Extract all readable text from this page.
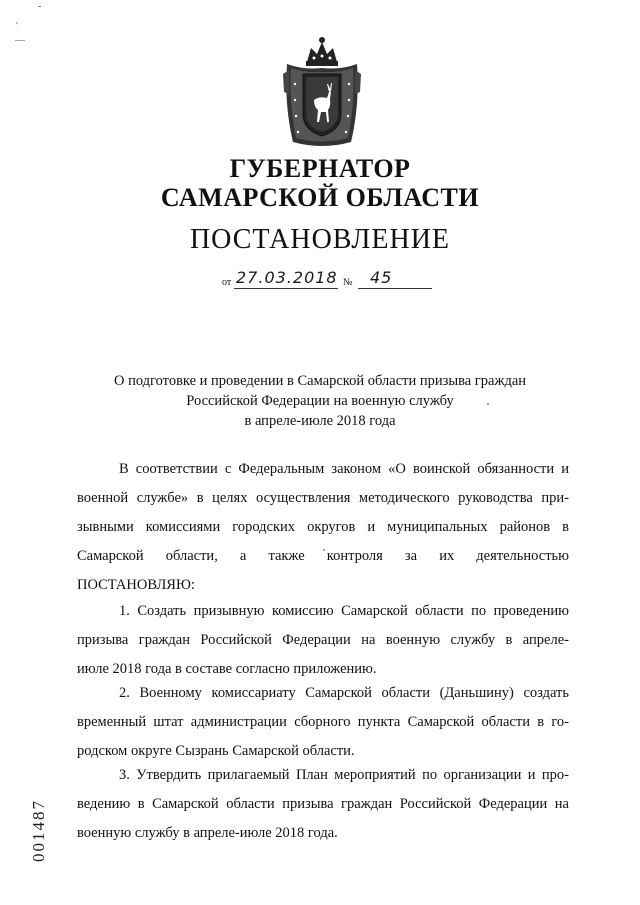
-
'
—
ГУБЕРНАТОР
САМАРСКОЙ ОБЛАСТИ
ПОСТАНОВЛЕНИЕ
от 27.03.2018 № 45
О подготовке и проведении в Самарской области призыва граждан
Российской Федерации на военную службу
в апреле-июле 2018 года
В соответствии с Федеральным законом «О воинской обязанности и
военной службе» в целях осуществления методического руководства при-
зывными комиссиями городских округов и муниципальных районов в
Самарской области, а также контроля за их деятельностью
ПОСТАНОВЛЯЮ:
1. Создать призывную комиссию Самарской области по проведению
призыва граждан Российской Федерации на военную службу в апреле-
июле 2018 года в составе согласно приложению.
2. Военному комиссариату Самарской области (Даньшину) создать
временный штат администрации сборного пункта Самарской области в го-
родском округе Сызрань Самарской области.
3. Утвердить прилагаемый План мероприятий по организации и про-
ведению в Самарской области призыва граждан Российской Федерации на
военную службу в апреле-июле 2018 года.
001487
